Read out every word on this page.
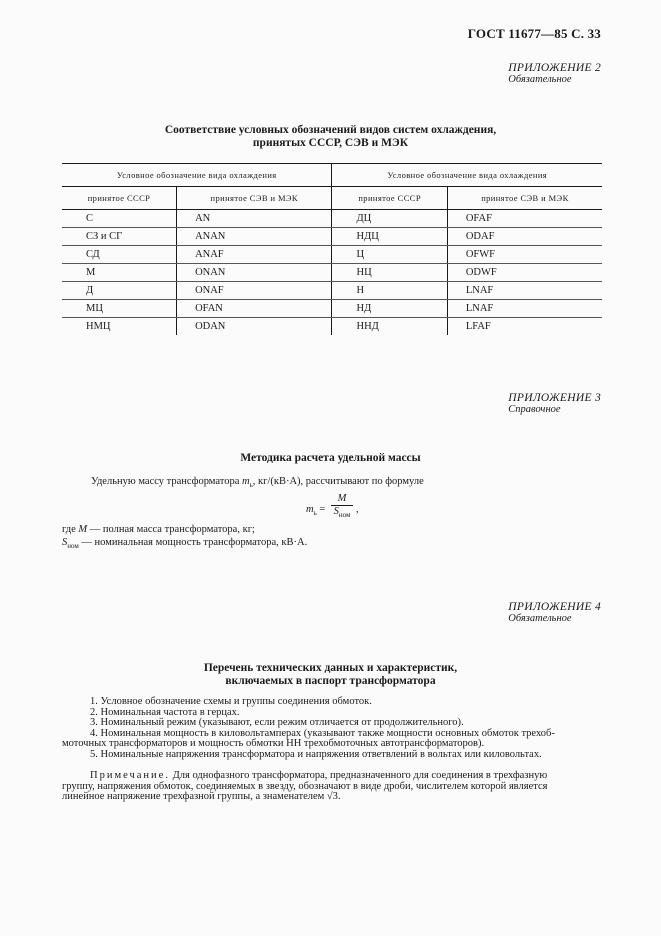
ГОСТ 11677—85 С. 33
ПРИЛОЖЕНИЕ 2
Обязательное
Соответствие условных обозначений видов систем охлаждения,
принятых СССР, СЭВ и МЭК
Условное обозначение вида охлаждения		Условное обозначение вида охлаждения	
принятое СССР	принятое СЭВ и МЭК	принятое СССР	принятое СЭВ и МЭК
С	AN	ДЦ	OFAF
СЗ и СГ	ANAN	НДЦ	ODAF
СД	ANAF	Ц	OFWF
М	ONAN	НЦ	ODWF
Д	ONAF	Н	LNAF
МЦ	OFAN	НД	LNAF
НМЦ	ODAN	ННД	LFAF
ПРИЛОЖЕНИЕ 3
Справочное
Методика расчета удельной массы
Удельную массу трансформатора $m_ь$, кг/(кВ·А), рассчитывают по формуле
$m_ь$ =
M
$S_{ном}$
,
где M — полная масса трансформатора, кг;
$S_{ном}$ — номинальная мощность трансформатора, кВ·А.
ПРИЛОЖЕНИЕ 4
Обязательное
Перечень технических данных и характеристик,
включаемых в паспорт трансформатора

1. Условное обозначение схемы и группы соединения обмоток.

2. Номинальная частота в герцах.

3. Номинальный режим (указывают, если режим отличается от продолжительного).

4. Номинальная мощность в киловольтамперах (указывают также мощности основных обмоток трехоб-

моточных трансформаторов и мощность обмотки НН трехобмоточных автотрансформаторов).

5. Номинальные напряжения трансформатора и напряжения ответвлений в вольтах или киловольтах.

Примечание. Для однофазного трансформатора, предназначенного для соединения в трехфазную

группу, напряжения обмоток, соединяемых в звезду, обозначают в виде дроби, числителем которой является

линейное напряжение трехфазной группы, а знаменателем √3.
